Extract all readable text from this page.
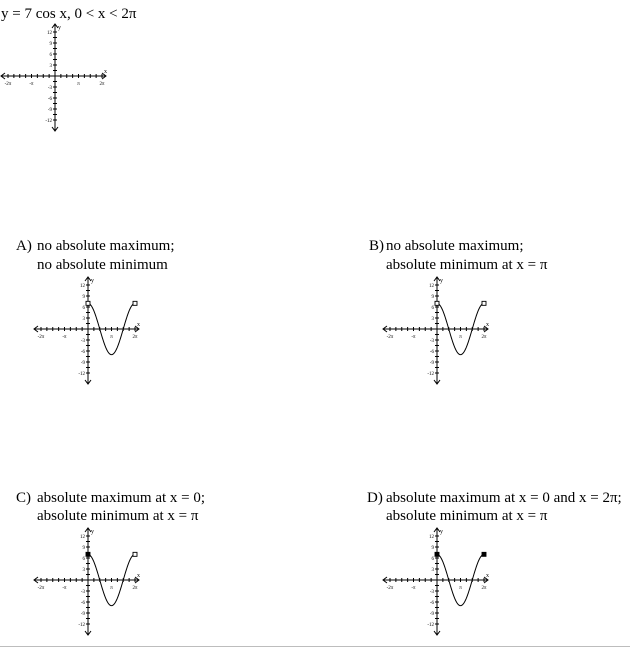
y = 7 cos x, 0 < x < 2π
-2π	-π	π	2π
x
12
9
6
3
-3
-6
-9
-12
y
A) no absolute maximum;
no absolute minimum
-2π	-π	π	2π
x
12
9
6
3
-3
-6
-9
-12
y
B) no absolute maximum;
absolute minimum at x = π
-2π	-π	π	2π
x
12
9
6
3
-3
-6
-9
-12
y
C) absolute maximum at x = 0;
absolute minimum at x = π
-2π	-π	π	2π
x
12
9
6
3
-3
-6
-9
-12
y
D) absolute maximum at x = 0 and x = 2π;
absolute minimum at x = π
-2π	-π	π	2π
x
12
9
6
3
-3
-6
-9
-12
y
